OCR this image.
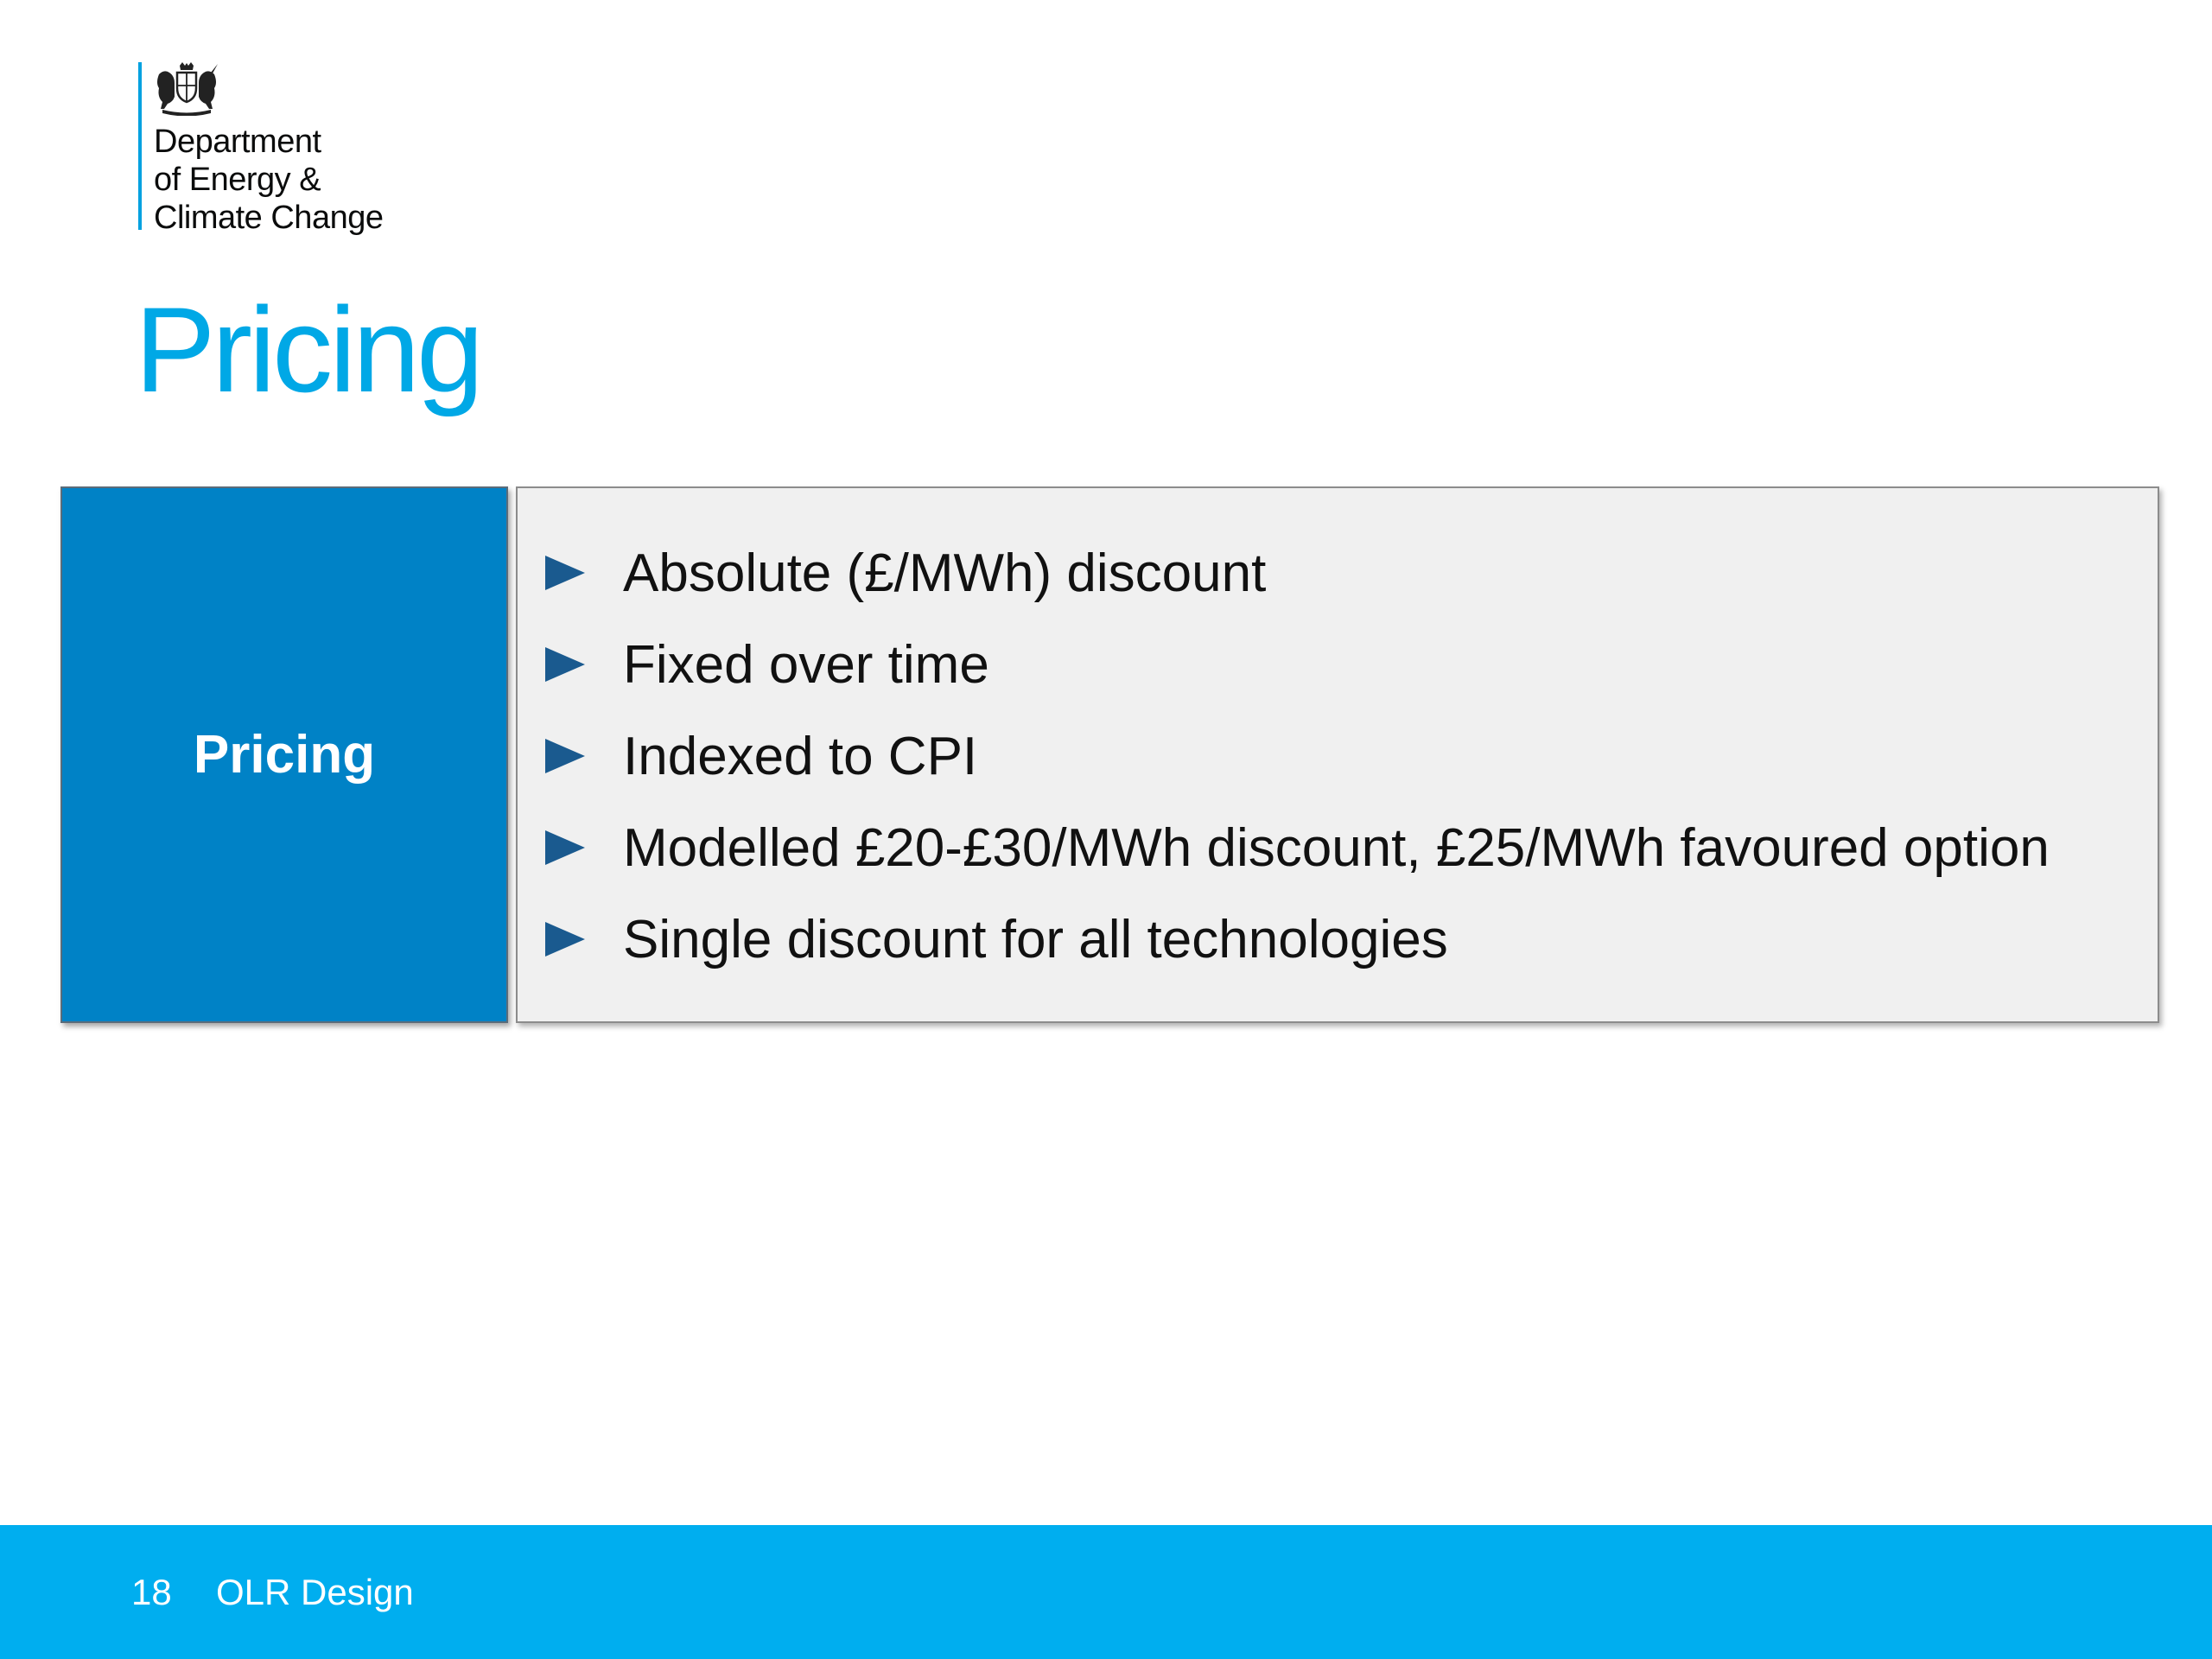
Department
of Energy &
Climate Change
Pricing
Pricing
Absolute (£/MWh) discount
Fixed over time
Indexed to CPI
Modelled £20-£30/MWh discount, £25/MWh favoured option
Single discount for all technologies
18 OLR Design
